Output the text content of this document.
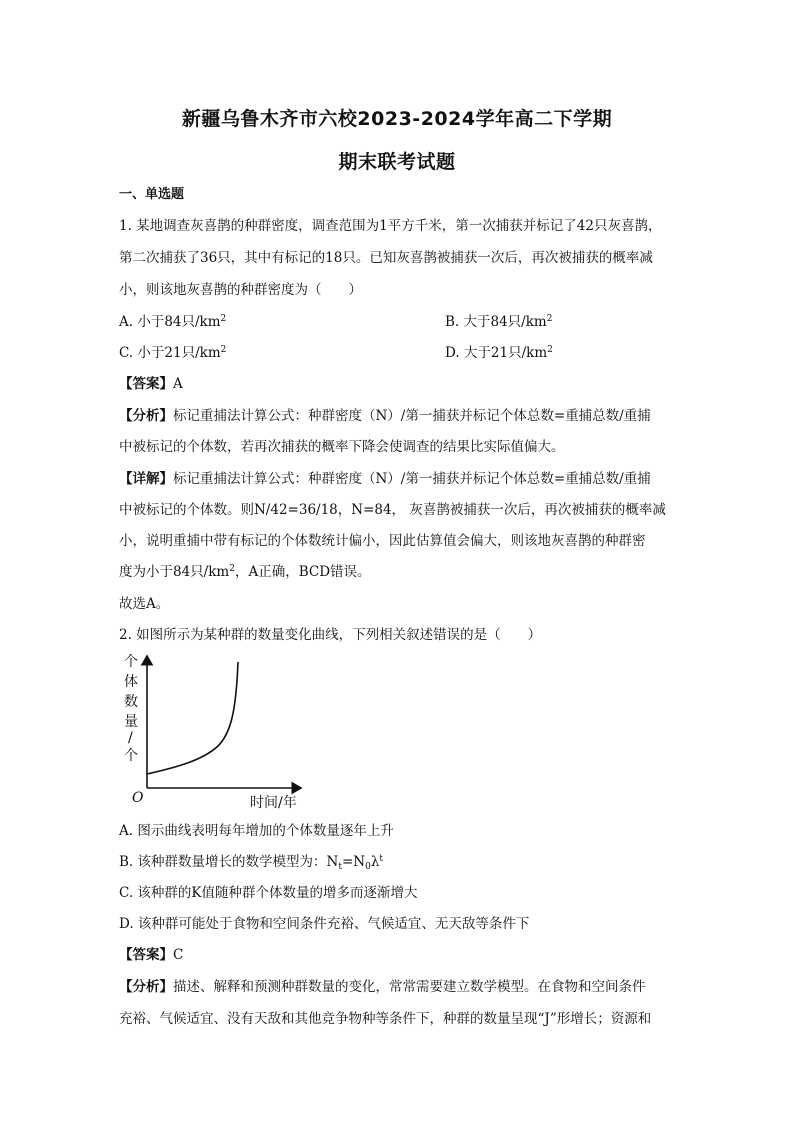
新疆乌鲁木齐市六校2023-2024学年高二下学期
期末联考试题
一、单选题
1. 某地调查灰喜鹊的种群密度，调查范围为1平方千米，第一次捕获并标记了42只灰喜鹊，
第二次捕获了36只，其中有标记的18只。已知灰喜鹊被捕获一次后，再次被捕获的概率减
小，则该地灰喜鹊的种群密度为（　　）
A. 小于84只$/km^2$	B. 大于84只$/km^2$
C. 小于21只$/km^2$	D. 大于21只$/km^2$
【答案】A
【分析】标记重捕法计算公式：种群密度（N）/第一捕获并标记个体总数=重捕总数/重捕
中被标记的个体数，若再次捕获的概率下降会使调查的结果比实际值偏大。
【详解】标记重捕法计算公式：种群密度（N）/第一捕获并标记个体总数=重捕总数/重捕
中被标记的个体数。则N/42=36/18，N=84， 灰喜鹊被捕获一次后，再次被捕获的概率减
小，说明重捕中带有标记的个体数统计偏小，因此估算值会偏大，则该地灰喜鹊的种群密
度为小于84只$/km^2$，A正确，BCD错误。
故选A。
2. 如图所示为某种群的数量变化曲线，下列相关叙述错误的是（　　）
个
体
数
量
/
个
O	时间/年
A. 图示曲线表明每年增加的个体数量逐年上升
B. 该种群数量增长的数学模型为：$N_t=N_0\lambda^t$
C. 该种群的K值随种群个体数量的增多而逐渐增大
D. 该种群可能处于食物和空间条件充裕、气候适宜、无天敌等条件下
【答案】C
【分析】描述、解释和预测种群数量的变化，常常需要建立数学模型。在食物和空间条件
充裕、气候适宜、没有天敌和其他竞争物种等条件下，种群的数量呈现“J”形增长；资源和
